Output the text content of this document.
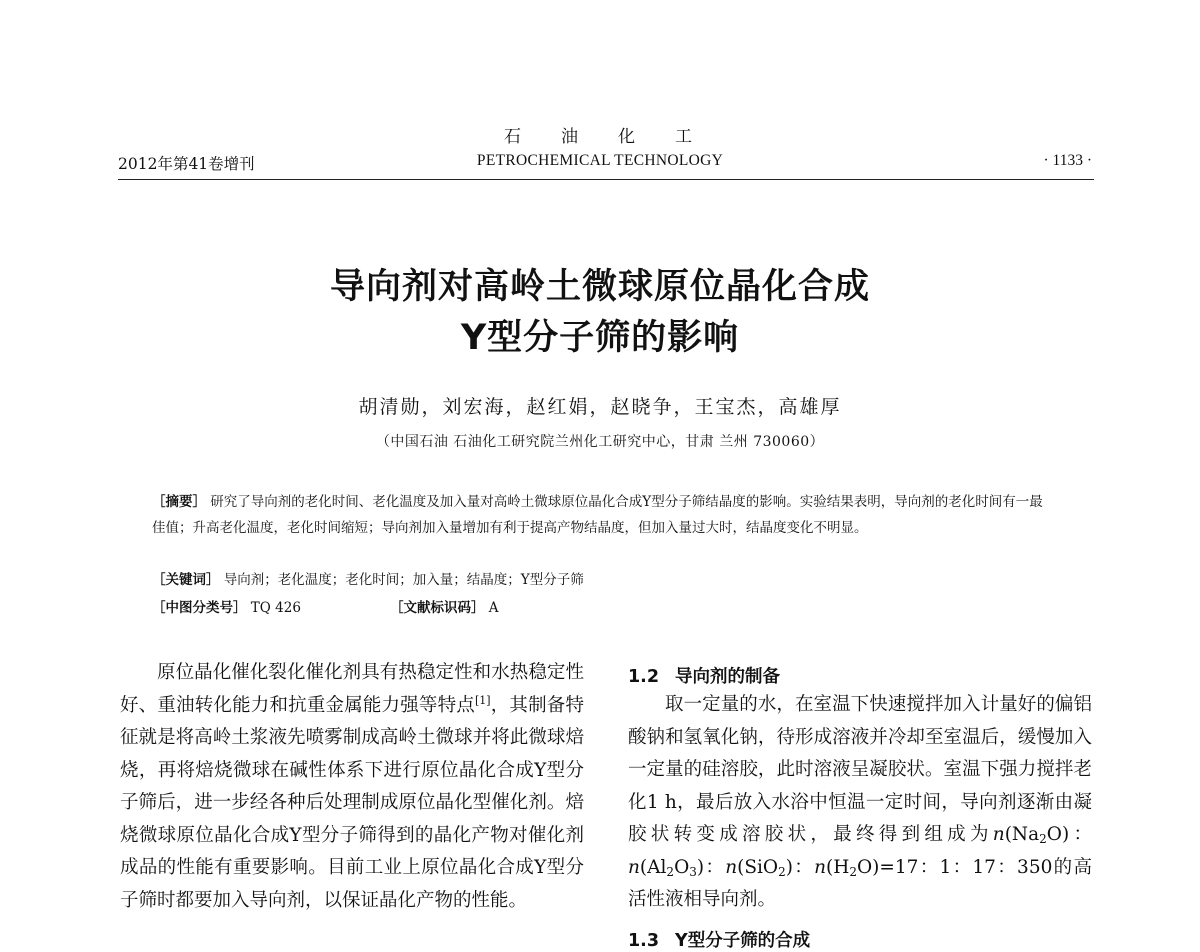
石 油 化 工
2012年第41卷增刊	PETROCHEMICAL TECHNOLOGY	· 1133 ·
导向剂对高岭土微球原位晶化合成
Y型分子筛的影响
胡清勋，刘宏海，赵红娟，赵晓争，王宝杰，高雄厚
（中国石油 石油化工研究院兰州化工研究中心，甘肃 兰州 730060）
［摘要］ 研究了导向剂的老化时间、老化温度及加入量对高岭土微球原位晶化合成Y型分子筛结晶度的影响。实验结果表明，导向剂的老化时间有一最佳值；升高老化温度，老化时间缩短；导向剂加入量增加有利于提高产物结晶度，但加入量过大时，结晶度变化不明显。
［关键词］ 导向剂；老化温度；老化时间；加入量；结晶度；Y型分子筛
［中图分类号］ TQ 426	［文献标识码］ A
原位晶化催化裂化催化剂具有热稳定性和水热稳定性好、重油转化能力和抗重金属能力强等特点[1]，其制备特征就是将高岭土浆液先喷雾制成高岭土微球并将此微球焙烧，再将焙烧微球在碱性体系下进行原位晶化合成Y型分子筛后，进一步经各种后处理制成原位晶化型催化剂。焙烧微球原位晶化合成Y型分子筛得到的晶化产物对催化剂成品的性能有重要影响。目前工业上原位晶化合成Y型分子筛时都要加入导向剂，以保证晶化产物的性能。
1.2 导向剂的制备
取一定量的水，在室温下快速搅拌加入计量好的偏铝酸钠和氢氧化钠，待形成溶液并冷却至室温后，缓慢加入一定量的硅溶胶，此时溶液呈凝胶状。室温下强力搅拌老化1 h，最后放入水浴中恒温一定时间，导向剂逐渐由凝胶状转变成溶胶状，最终得到组成为$n(Na_2O)$：$n(Al_2O_3)$：n(SiO$_2$)：$n(H_2O)=17$：1：17：350的高活性液相导向剂。
1.3 Y型分子筛的合成
